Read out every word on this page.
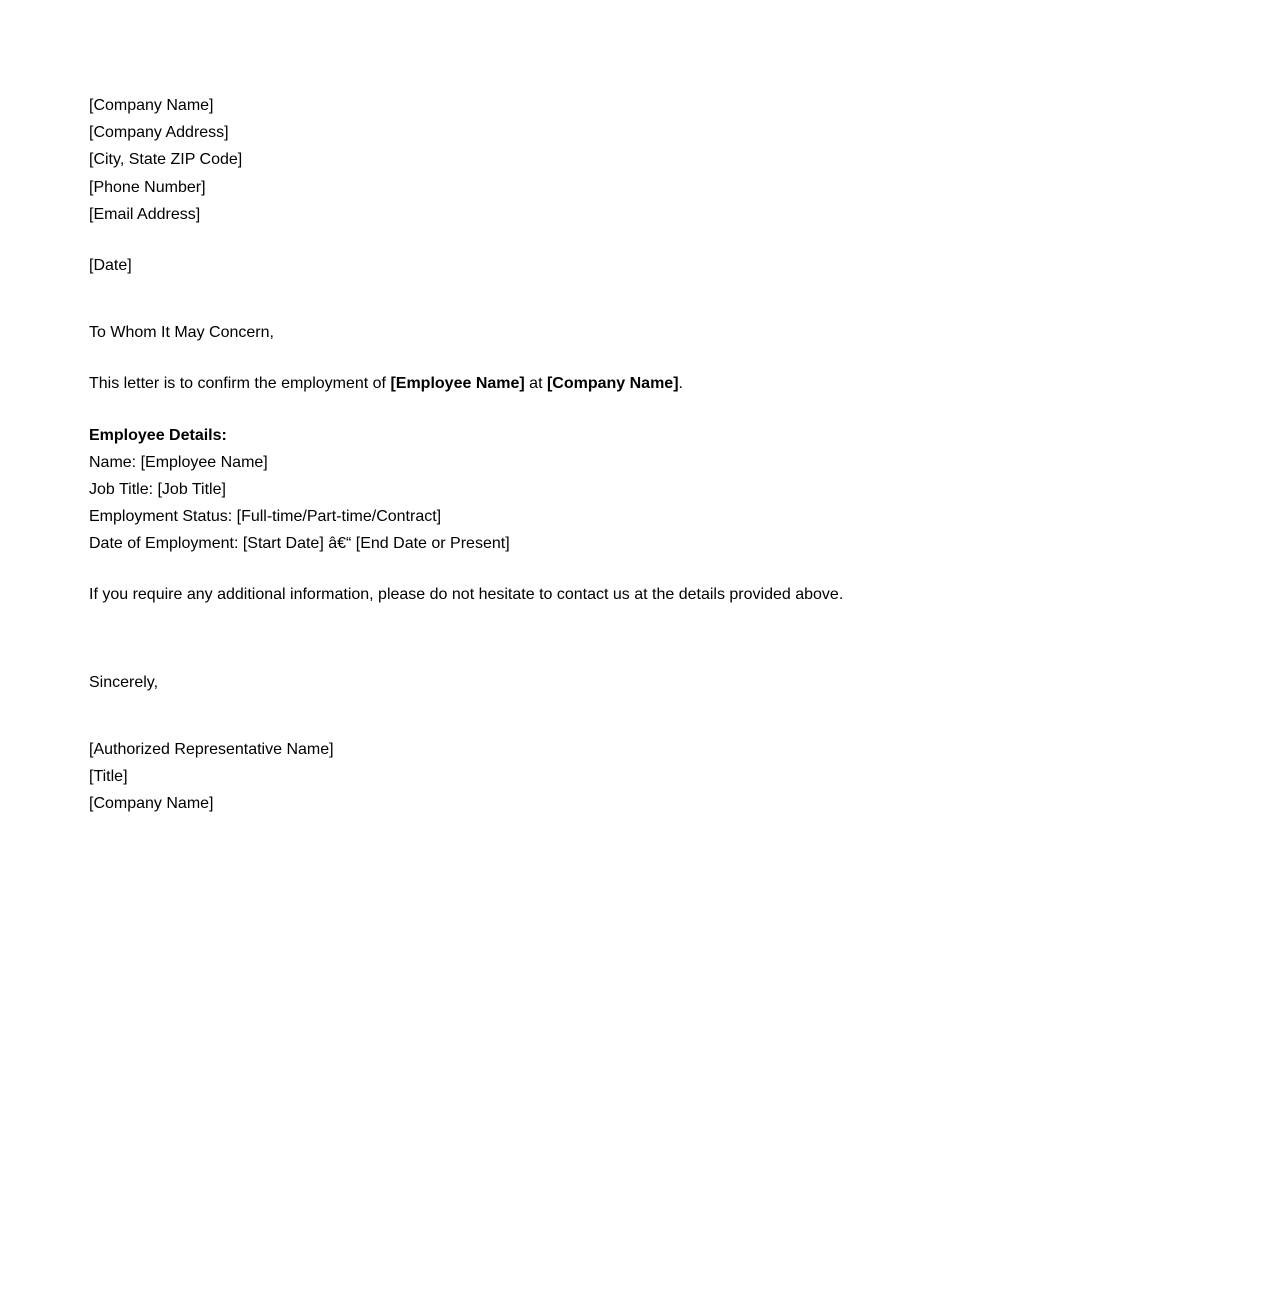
[Company Name]
[Company Address]
[City, State ZIP Code]
[Phone Number]
[Email Address]
[Date]
To Whom It May Concern,
This letter is to confirm the employment of [Employee Name] at [Company Name].
Employee Details:
Name: [Employee Name]
Job Title: [Job Title]
Employment Status: [Full-time/Part-time/Contract]
Date of Employment: [Start Date] â€“ [End Date or Present]
If you require any additional information, please do not hesitate to contact us at the details provided above.
Sincerely,
[Authorized Representative Name]
[Title]
[Company Name]
